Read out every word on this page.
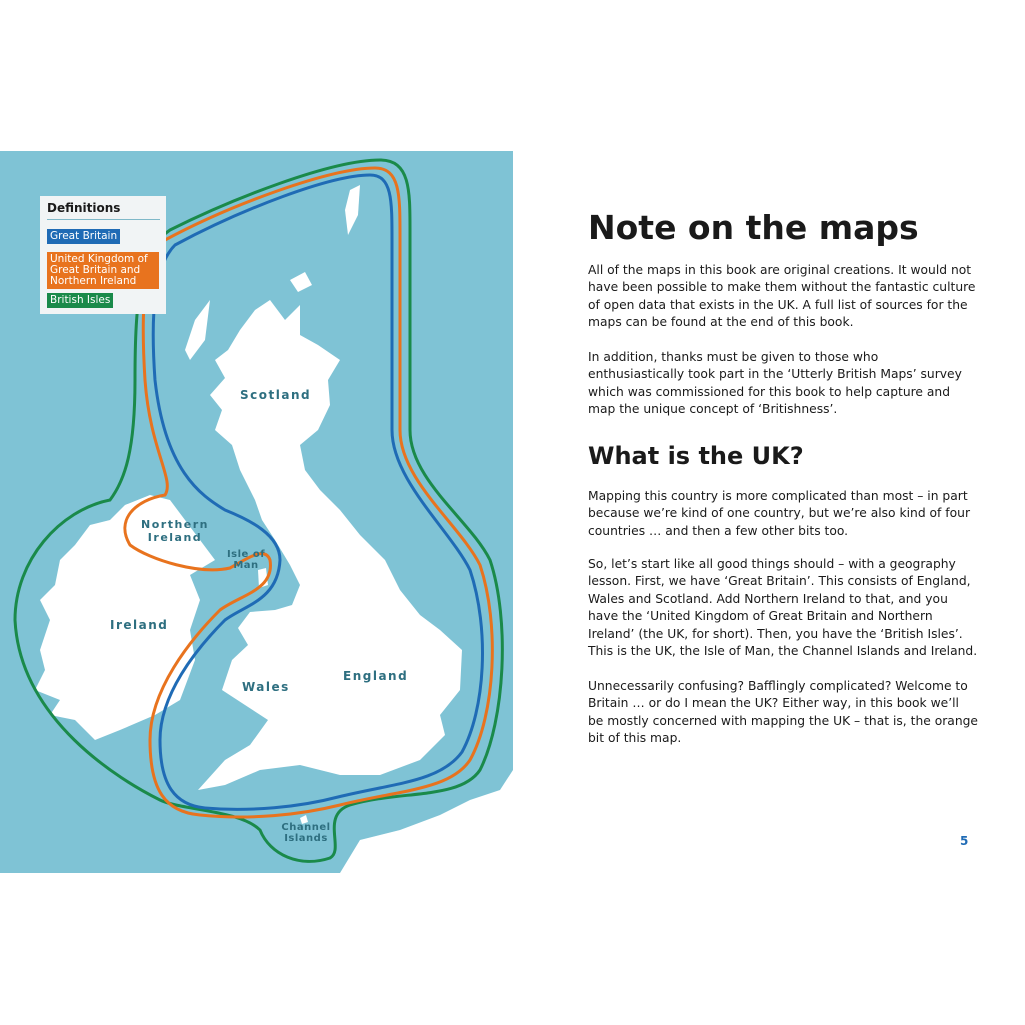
Scotland
Northern Ireland
Isle of Man
Ireland
Wales
England
Channel Islands
Definitions
Great Britain
United Kingdom of Great Britain and Northern Ireland
British Isles
Note on the maps

All of the maps in this book are original creations. It would not have been possible to make them without the fantastic culture of open data that exists in the UK. A full list of sources for the maps can be found at the end of this book.

In addition, thanks must be given to those who enthusiastically took part in the ‘Utterly British Maps’ survey which was commissioned for this book to help capture and map the unique concept of ‘Britishness’.

What is the UK?

Mapping this country is more complicated than most – in part because we’re kind of one country, but we’re also kind of four countries … and then a few other bits too.

So, let’s start like all good things should – with a geography lesson. First, we have ‘Great Britain’. This consists of England, Wales and Scotland. Add Northern Ireland to that, and you have the ‘United Kingdom of Great Britain and Northern Ireland’ (the UK, for short). Then, you have the ‘British Isles’. This is the UK, the Isle of Man, the Channel Islands and Ireland.

Unnecessarily confusing? Bafflingly complicated? Welcome to Britain … or do I mean the UK? Either way, in this book we’ll be mostly concerned with mapping the UK – that is, the orange bit of this map.

5
